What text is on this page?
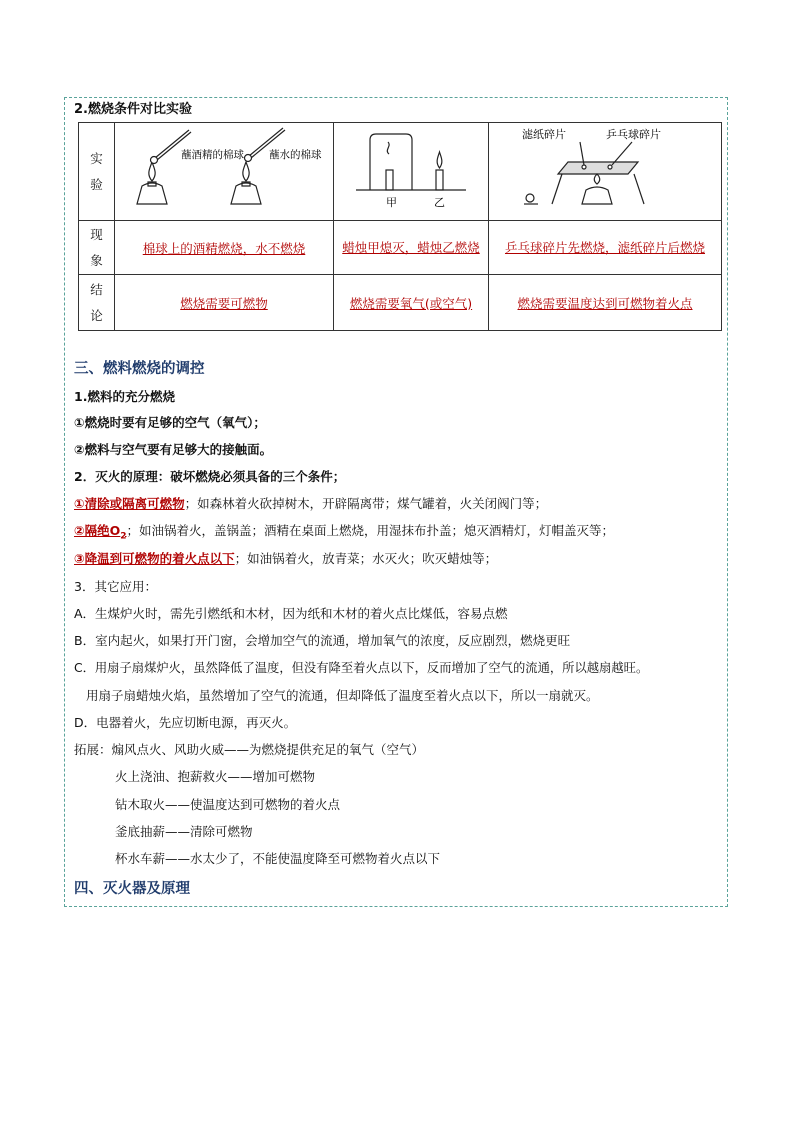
2.燃烧条件对比实验
实
验	蘸酒精的棉球 蘸水的棉球	甲 乙	滤纸碎片 乒乓球碎片

现
象	棉球上的酒精燃烧，水不燃烧	蜡烛甲熄灭，蜡烛乙燃烧	乒乓球碎片先燃烧，滤纸碎片后燃烧
结
论	燃烧需要可燃物	燃烧需要氧气(或空气)	燃烧需要温度达到可燃物着火点
三、燃料燃烧的调控
1.燃料的充分燃烧
①燃烧时要有足够的空气（氧气）；
②燃料与空气要有足够大的接触面。
2．灭火的原理：破坏燃烧必须具备的三个条件；
①清除或隔离可燃物；如森林着火砍掉树木，开辟隔离带；煤气罐着，火关闭阀门等；
②隔绝$O_2$；如油锅着火，盖锅盖；酒精在桌面上燃烧，用湿抹布扑盖；熄灭酒精灯，灯帽盖灭等；
③降温到可燃物的着火点以下；如油锅着火，放青菜；水灭火；吹灭蜡烛等；
3．其它应用：
A．生煤炉火时，需先引燃纸和木材，因为纸和木材的着火点比煤低，容易点燃
B．室内起火，如果打开门窗，会增加空气的流通，增加氧气的浓度，反应剧烈，燃烧更旺
C．用扇子扇煤炉火，虽然降低了温度，但没有降至着火点以下，反而增加了空气的流通，所以越扇越旺。
用扇子扇蜡烛火焰，虽然增加了空气的流通，但却降低了温度至着火点以下，所以一扇就灭。
D．电器着火，先应切断电源，再灭火。
拓展：煽风点火、风助火威——为燃烧提供充足的氧气（空气）
火上浇油、抱薪救火——增加可燃物
钻木取火——使温度达到可燃物的着火点
釜底抽薪——清除可燃物
杯水车薪——水太少了，不能使温度降至可燃物着火点以下
四、灭火器及原理
